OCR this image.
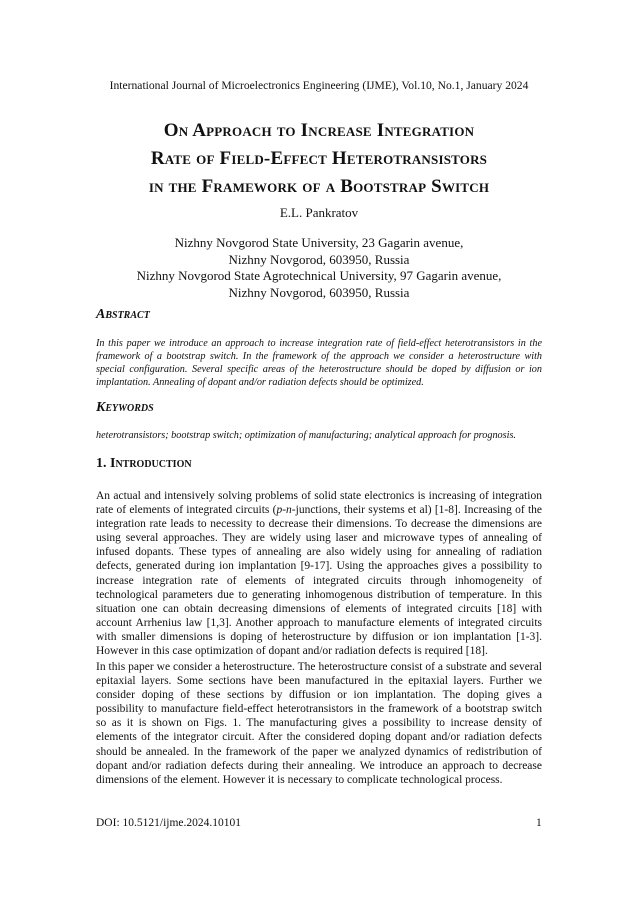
International Journal of Microelectronics Engineering (IJME), Vol.10, No.1, January 2024
On Approach to Increase Integration
Rate of Field-Effect Heterotransistors
in the Framework of a Bootstrap Switch
E.L. Pankratov
Nizhny Novgorod State University, 23 Gagarin avenue,
Nizhny Novgorod, 603950, Russia
Nizhny Novgorod State Agrotechnical University, 97 Gagarin avenue,
Nizhny Novgorod, 603950, Russia
Abstract
In this paper we introduce an approach to increase integration rate of field-effect heterotransistors in the framework of a bootstrap switch. In the framework of the approach we consider a heterostructure with special configuration. Several specific areas of the heterostructure should be doped by diffusion or ion implantation. Annealing of dopant and/or radiation defects should be optimized.
Keywords
heterotransistors; bootstrap switch; optimization of manufacturing; analytical approach for prognosis.
1. Introduction
An actual and intensively solving problems of solid state electronics is increasing of integration rate of elements of integrated circuits (p-n-junctions, their systems et al) [1-8]. Increasing of the integration rate leads to necessity to decrease their dimensions. To decrease the dimensions are using several approaches. They are widely using laser and microwave types of annealing of infused dopants. These types of annealing are also widely using for annealing of radiation defects, generated during ion implantation [9-17]. Using the approaches gives a possibility to increase integration rate of elements of integrated circuits through inhomogeneity of technological parameters due to generating inhomogenous distribution of temperature. In this situation one can obtain decreasing dimensions of elements of integrated circuits [18] with account Arrhenius law [1,3]. Another approach to manufacture elements of integrated circuits with smaller dimensions is doping of heterostructure by diffusion or ion implantation [1-3]. However in this case optimization of dopant and/or radiation defects is required [18].
In this paper we consider a heterostructure. The heterostructure consist of a substrate and several epitaxial layers. Some sections have been manufactured in the epitaxial layers. Further we consider doping of these sections by diffusion or ion implantation. The doping gives a possibility to manufacture field-effect heterotransistors in the framework of a bootstrap switch so as it is shown on Figs. 1. The manufacturing gives a possibility to increase density of elements of the integrator circuit. After the considered doping dopant and/or radiation defects should be annealed. In the framework of the paper we analyzed dynamics of redistribution of dopant and/or radiation defects during their annealing. We introduce an approach to decrease dimensions of the element. However it is necessary to complicate technological process.
DOI: 10.5121/ijme.2024.10101	1
